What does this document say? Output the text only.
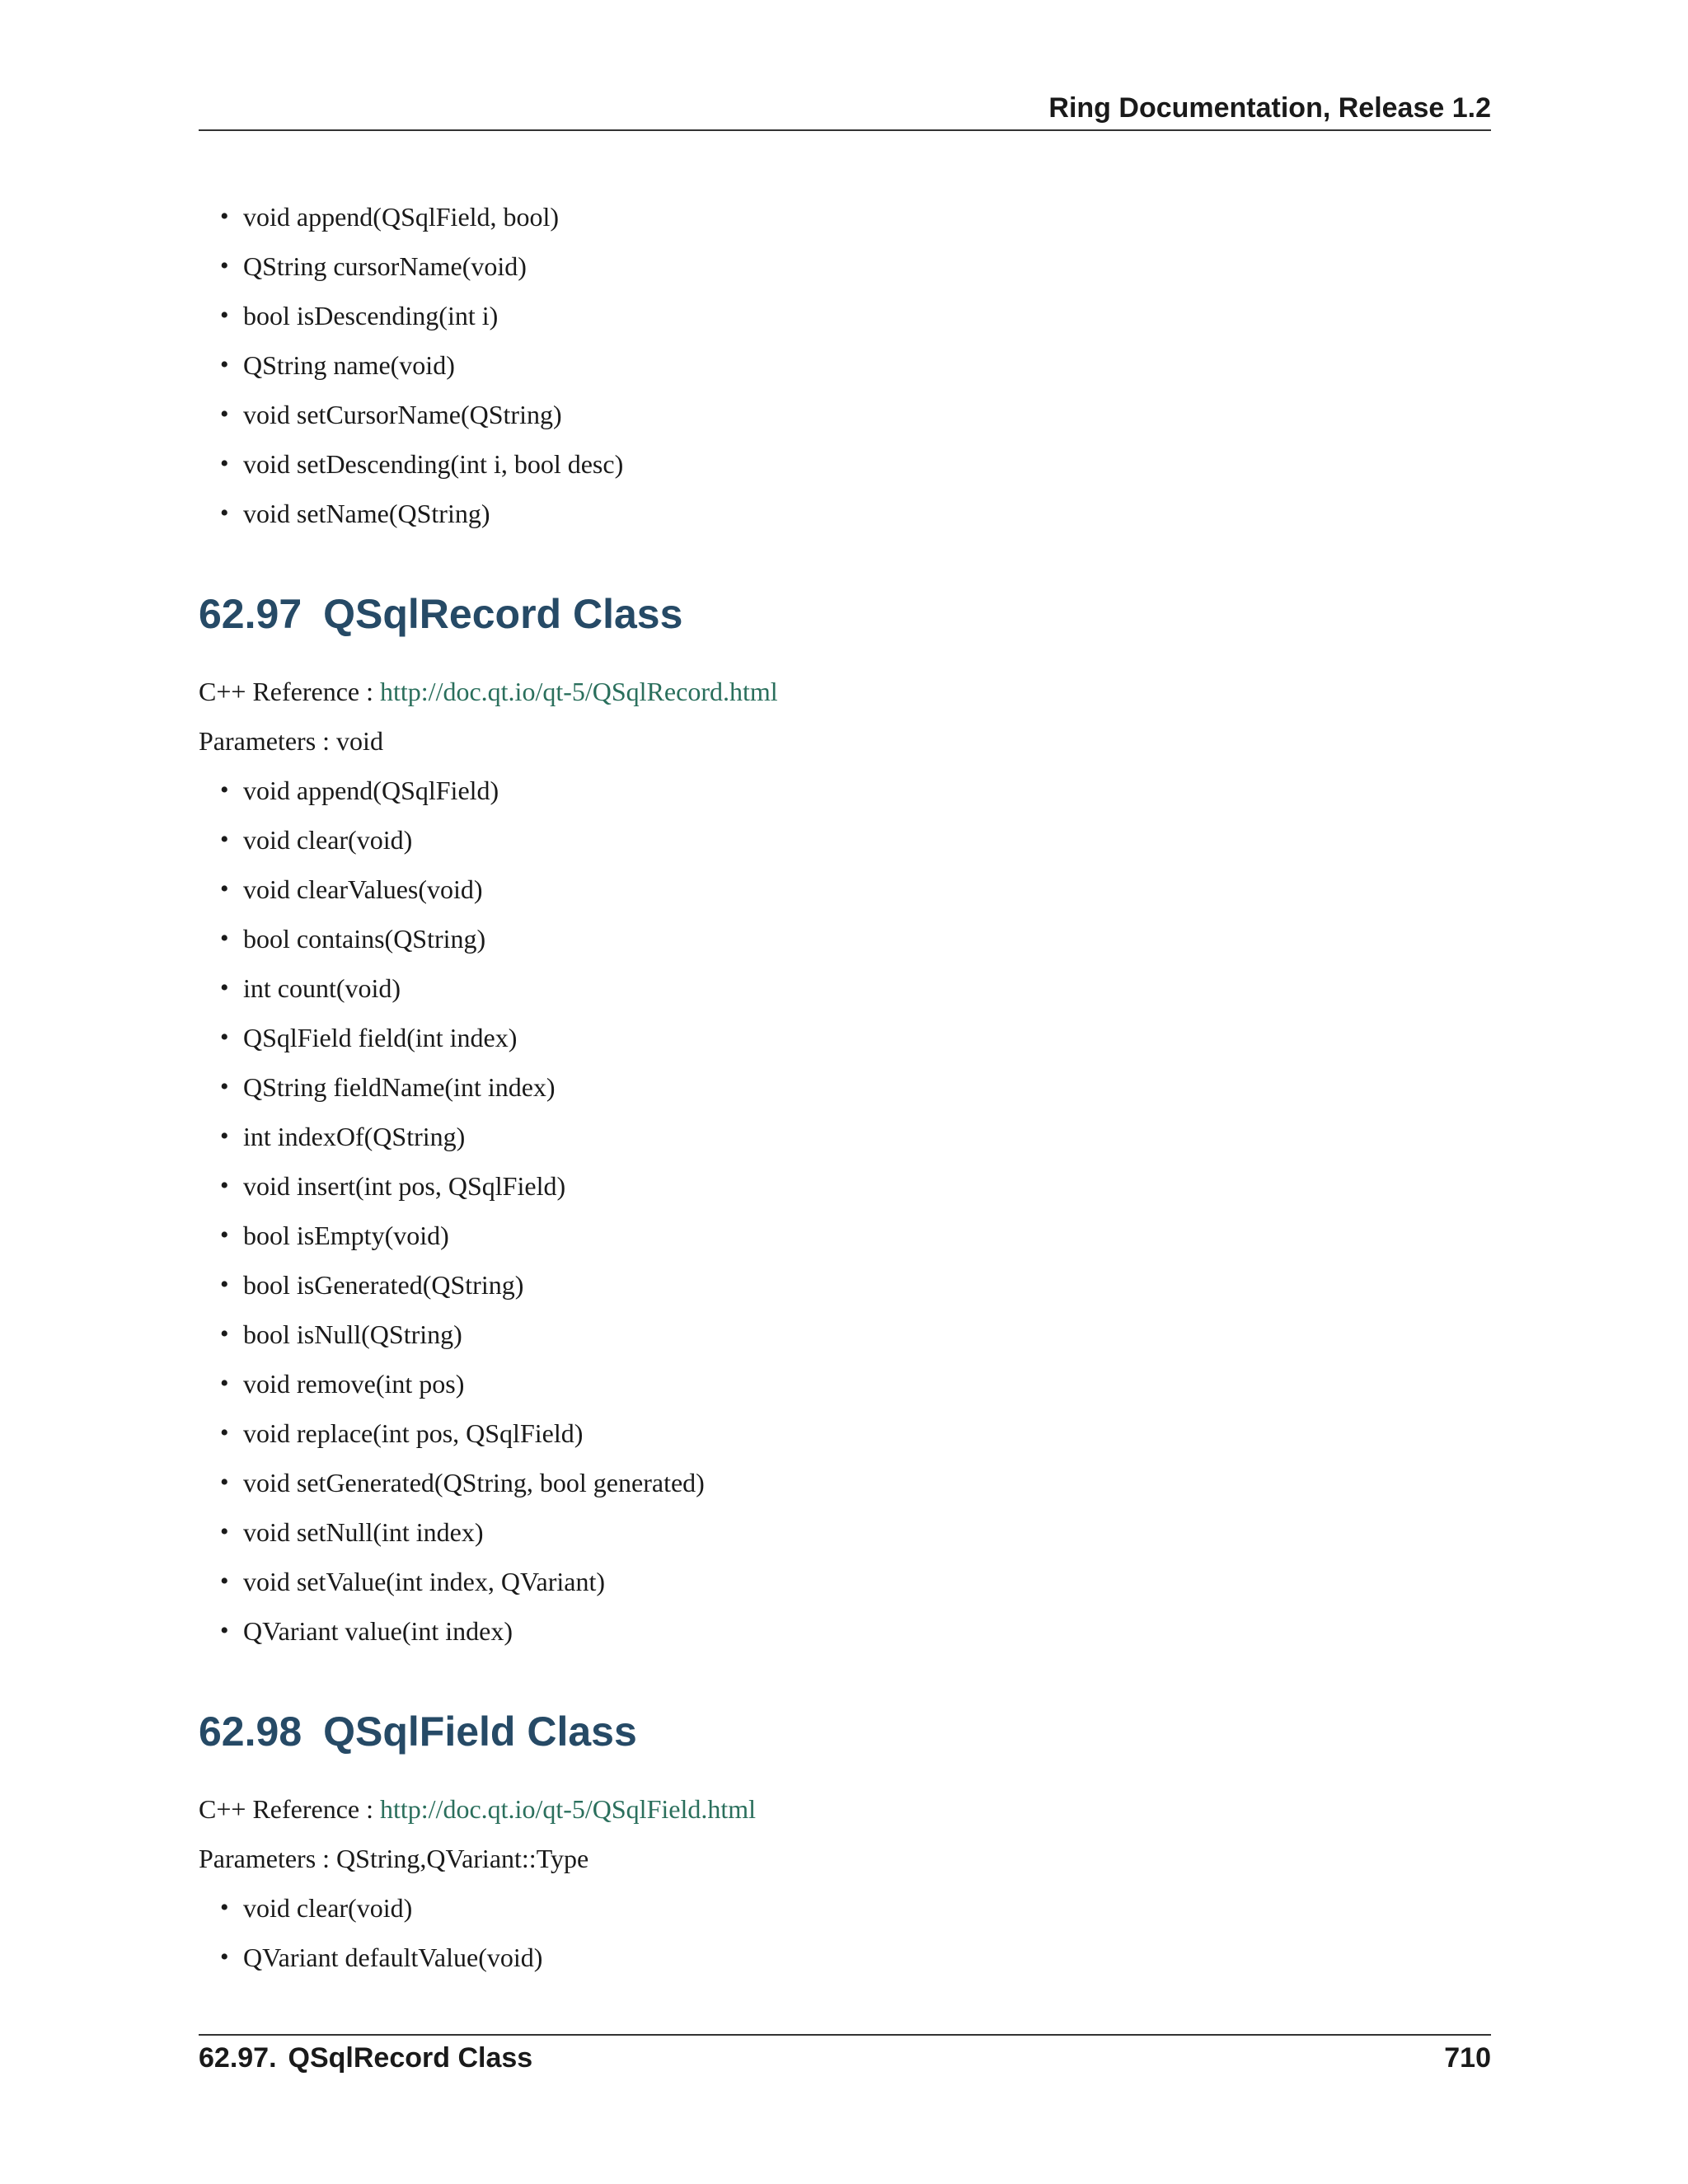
Ring Documentation, Release 1.2
• void append(QSqlField, bool)
• QString cursorName(void)
• bool isDescending(int i)
• QString name(void)
• void setCursorName(QString)
• void setDescending(int i, bool desc)
• void setName(QString)
62.97 QSqlRecord Class
C++ Reference : http://doc.qt.io/qt-5/QSqlRecord.html
Parameters : void
• void append(QSqlField)
• void clear(void)
• void clearValues(void)
• bool contains(QString)
• int count(void)
• QSqlField field(int index)
• QString fieldName(int index)
• int indexOf(QString)
• void insert(int pos, QSqlField)
• bool isEmpty(void)
• bool isGenerated(QString)
• bool isNull(QString)
• void remove(int pos)
• void replace(int pos, QSqlField)
• void setGenerated(QString, bool generated)
• void setNull(int index)
• void setValue(int index, QVariant)
• QVariant value(int index)
62.98 QSqlField Class
C++ Reference : http://doc.qt.io/qt-5/QSqlField.html
Parameters : QString,QVariant::Type
• void clear(void)
• QVariant defaultValue(void)
62.97. QSqlRecord Class	710
